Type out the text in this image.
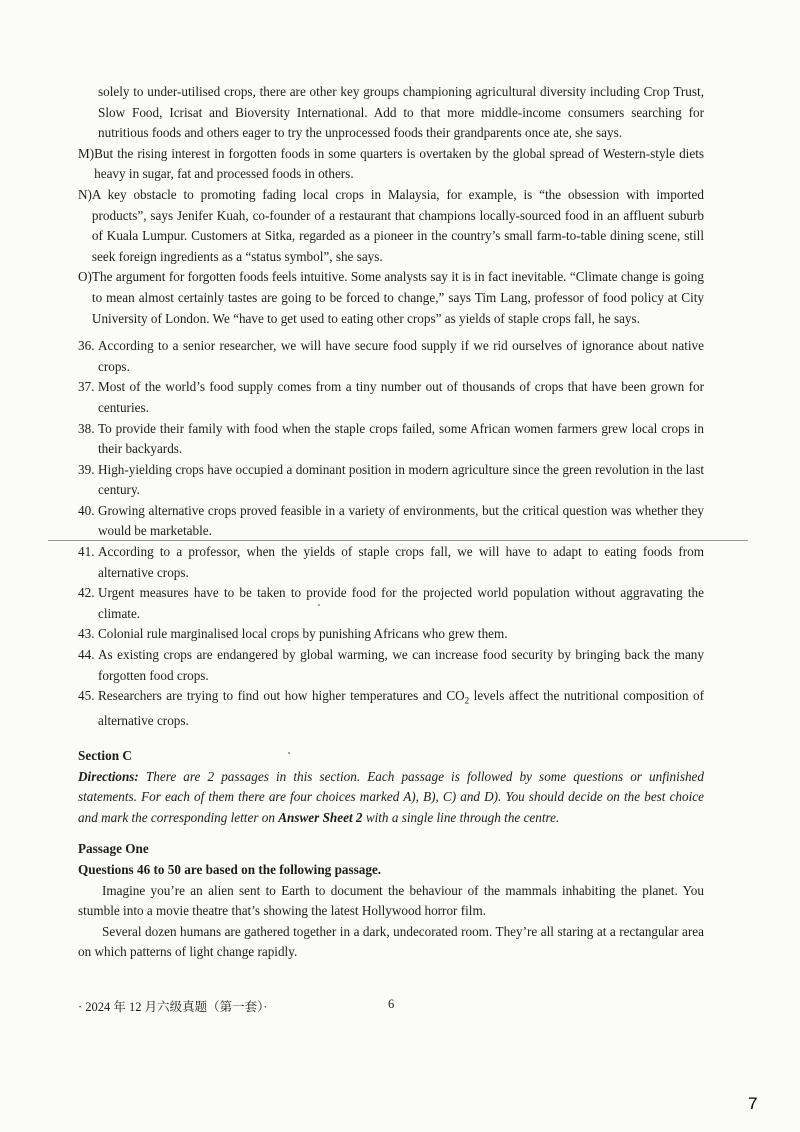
solely to under-utilised crops, there are other key groups championing agricultural diversity including Crop Trust, Slow Food, Icrisat and Bioversity International. Add to that more middle-income consumers searching for nutritious foods and others eager to try the unprocessed foods their grandparents once ate, she says.

M) But the rising interest in forgotten foods in some quarters is overtaken by the global spread of Western-style diets heavy in sugar, fat and processed foods in others.
N) A key obstacle to promoting fading local crops in Malaysia, for example, is “the obsession with imported products”, says Jenifer Kuah, co-founder of a restaurant that champions locally-sourced food in an affluent suburb of Kuala Lumpur. Customers at Sitka, regarded as a pioneer in the country’s small farm-to-table dining scene, still seek foreign ingredients as a “status symbol”, she says.
O) The argument for forgotten foods feels intuitive. Some analysts say it is in fact inevitable. “Climate change is going to mean almost certainly tastes are going to be forced to change,” says Tim Lang, professor of food policy at City University of London. We “have to get used to eating other crops” as yields of staple crops fall, he says.
36. According to a senior researcher, we will have secure food supply if we rid ourselves of ignorance about native crops.
37. Most of the world’s food supply comes from a tiny number out of thousands of crops that have been grown for centuries.
38. To provide their family with food when the staple crops failed, some African women farmers grew local crops in their backyards.
39. High-yielding crops have occupied a dominant position in modern agriculture since the green revolution in the last century.
40. Growing alternative crops proved feasible in a variety of environments, but the critical question was whether they would be marketable.
41. According to a professor, when the yields of staple crops fall, we will have to adapt to eating foods from alternative crops.
42. Urgent measures have to be taken to provide food for the projected world population without aggravating the climate.
43. Colonial rule marginalised local crops by punishing Africans who grew them.
44. As existing crops are endangered by global warming, we can increase food security by bringing back the many forgotten food crops.
45. Researchers are trying to find out how higher temperatures and $CO_2$ levels affect the nutritional composition of alternative crops.

Section C

Directions: There are 2 passages in this section. Each passage is followed by some questions or unfinished statements. For each of them there are four choices marked A), B), C) and D). You should decide on the best choice and mark the corresponding letter on Answer Sheet 2 with a single line through the centre.

Passage One

Questions 46 to 50 are based on the following passage.

Imagine you’re an alien sent to Earth to document the behaviour of the mammals inhabiting the planet. You stumble into a movie theatre that’s showing the latest Hollywood horror film.

Several dozen humans are gathered together in a dark, undecorated room. They’re all staring at a rectangular area on which patterns of light change rapidly.

· 2024 年 12 月六级真题（第一套）·	6
7
